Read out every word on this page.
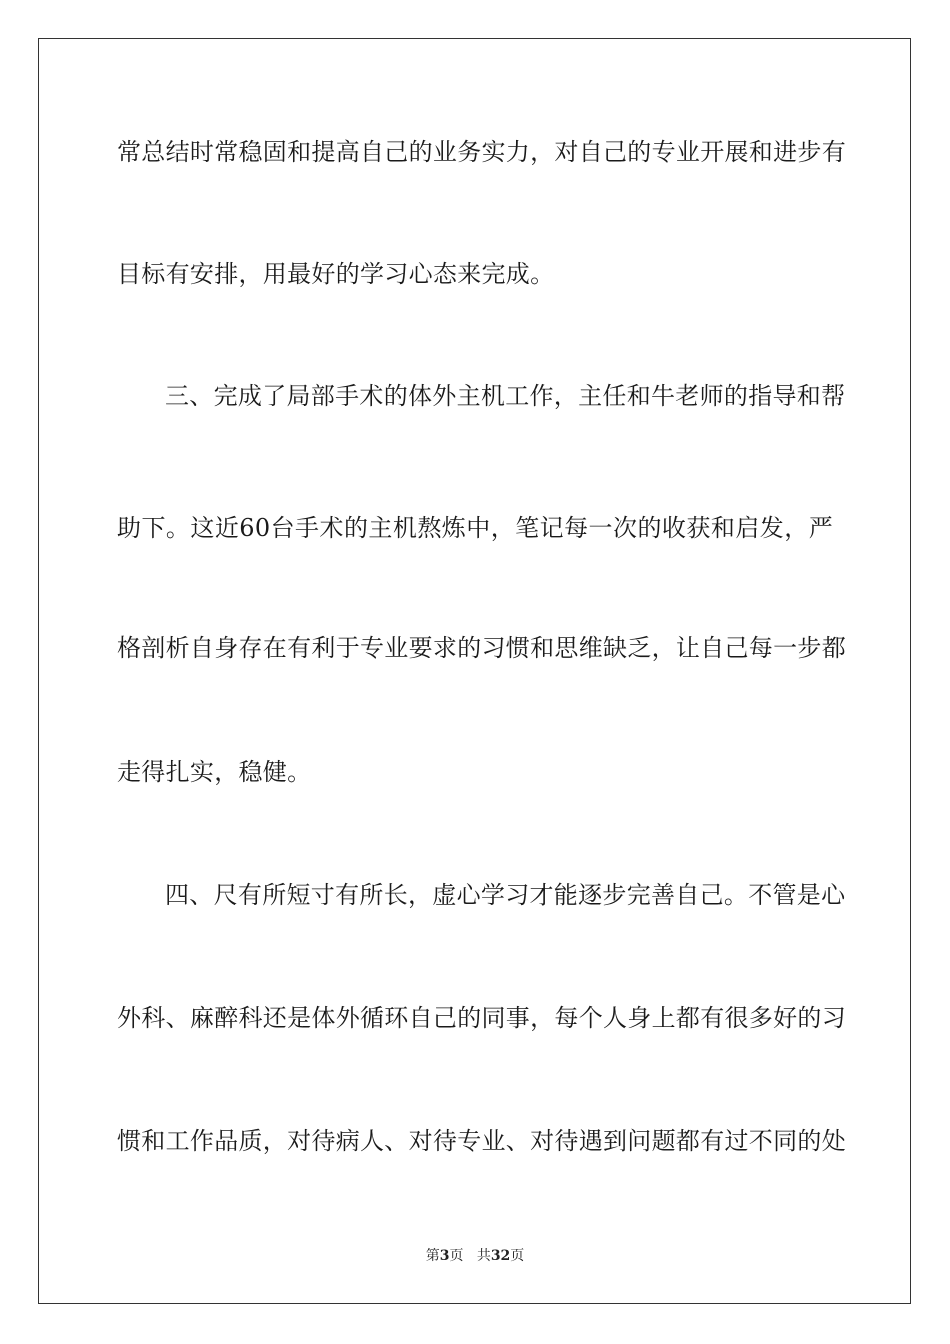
常总结时常稳固和提高自己的业务实力，对自己的专业开展和进步有
目标有安排，用最好的学习心态来完成。
三、完成了局部手术的体外主机工作，主任和牛老师的指导和帮
助下。这近60台手术的主机熬炼中，笔记每一次的收获和启发，严
格剖析自身存在有利于专业要求的习惯和思维缺乏，让自己每一步都
走得扎实，稳健。
四、尺有所短寸有所长，虚心学习才能逐步完善自己。不管是心
外科、麻醉科还是体外循环自己的同事，每个人身上都有很多好的习
惯和工作品质，对待病人、对待专业、对待遇到问题都有过不同的处
第3页 共32页
